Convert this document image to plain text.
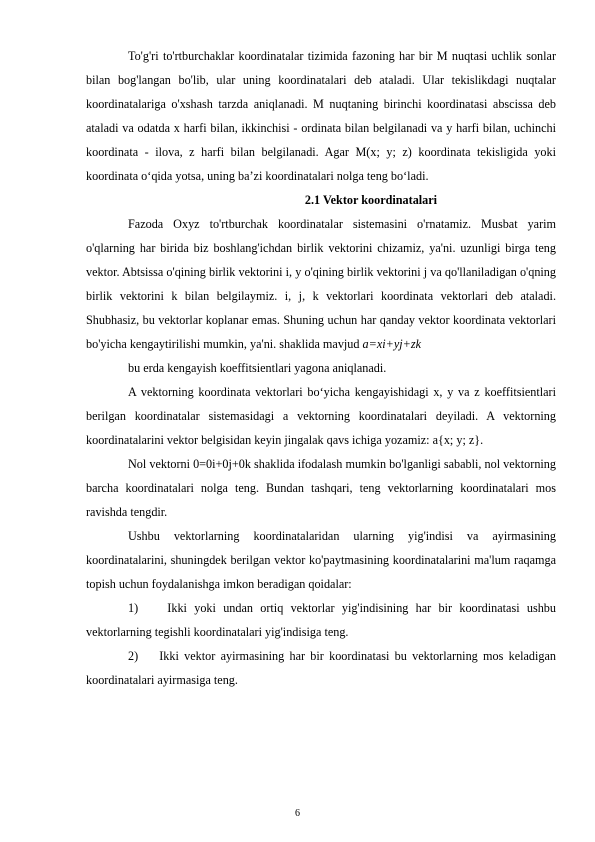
To'g'ri to'rtburchaklar koordinatalar tizimida fazoning har bir M nuqtasi uchlik sonlar bilan bog'langan bo'lib, ular uning koordinatalari deb ataladi. Ular tekislikdagi nuqtalar koordinatalariga o'xshash tarzda aniqlanadi. M nuqtaning birinchi koordinatasi abscissa deb ataladi va odatda x harfi bilan, ikkinchisi - ordinata bilan belgilanadi va y harfi bilan, uchinchi koordinata - ilova, z harfi bilan belgilanadi. Agar M(x; y; z) koordinata tekisligida yoki koordinata o‘qida yotsa, uning ba’zi koordinatalari nolga teng bo‘ladi.

2.1 Vektor koordinatalari

Fazoda Oxyz to'rtburchak koordinatalar sistemasini o'rnatamiz. Musbat yarim o'qlarning har birida biz boshlang'ichdan birlik vektorini chizamiz, ya'ni. uzunligi birga teng vektor. Abtsissa o'qining birlik vektorini i, y o'qining birlik vektorini j va qo'llaniladigan o'qning birlik vektorini k bilan belgilaymiz. i, j, k vektorlari koordinata vektorlari deb ataladi. Shubhasiz, bu vektorlar koplanar emas. Shuning uchun har qanday vektor koordinata vektorlari bo'yicha kengaytirilishi mumkin, ya'ni. shaklida mavjud a=xi+yj+zk

bu erda kengayish koeffitsientlari yagona aniqlanadi.

A vektorning koordinata vektorlari bo‘yicha kengayishidagi x, y va z koeffitsientlari berilgan koordinatalar sistemasidagi a vektorning koordinatalari deyiladi. A vektorning koordinatalarini vektor belgisidan keyin jingalak qavs ichiga yozamiz: a{x; y; z}.

Nol vektorni 0=0i+0j+0k shaklida ifodalash mumkin bo'lganligi sababli, nol vektorning barcha koordinatalari nolga teng. Bundan tashqari, teng vektorlarning koordinatalari mos ravishda tengdir.

Ushbu vektorlarning koordinatalaridan ularning yig'indisi va ayirmasining koordinatalarini, shuningdek berilgan vektor ko'paytmasining koordinatalarini ma'lum raqamga topish uchun foydalanishga imkon beradigan qoidalar:

1)    Ikki yoki undan ortiq vektorlar yig'indisining har bir koordinatasi ushbu vektorlarning tegishli koordinatalari yig'indisiga teng.

2)    Ikki vektor ayirmasining har bir koordinatasi bu vektorlarning mos keladigan koordinatalari ayirmasiga teng.

6
